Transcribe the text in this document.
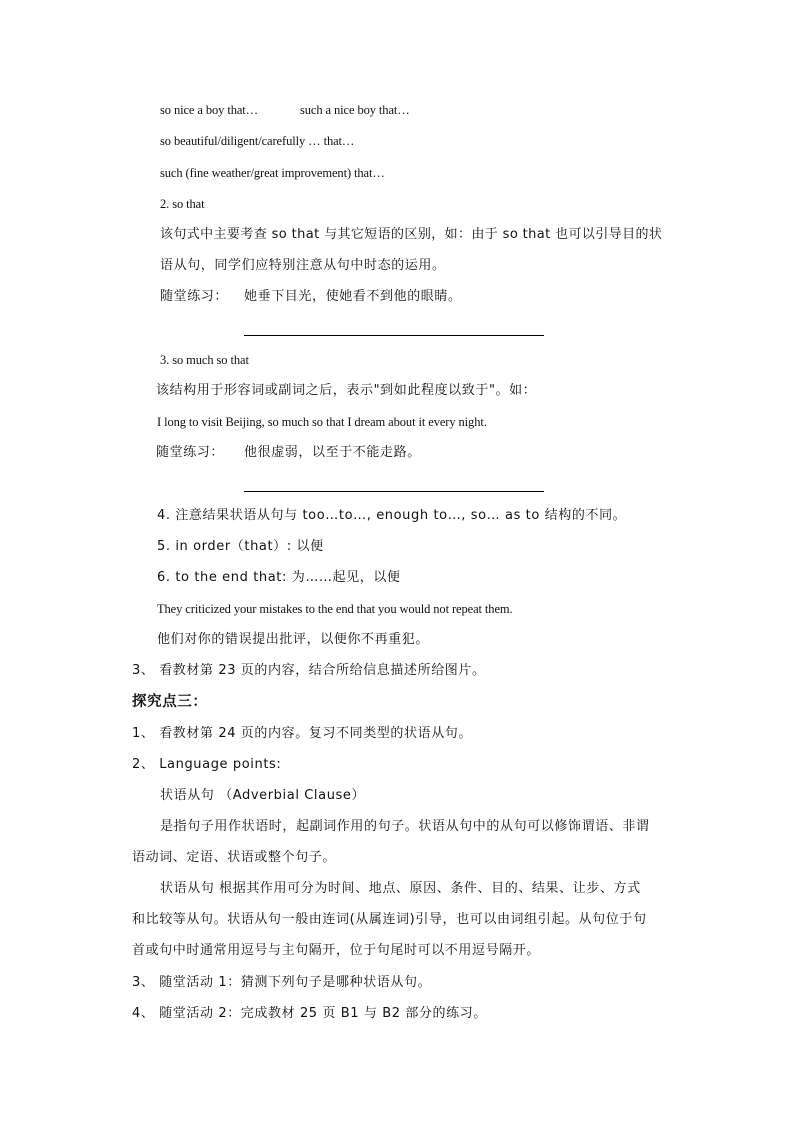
so nice a boy that…	such a nice boy that…
so beautiful/diligent/carefully … that…
such (fine weather/great improvement) that…
2. so that
该句式中主要考查 so that 与其它短语的区别，如：由于 so that 也可以引导目的状
语从句，同学们应特别注意从句中时态的运用。
随堂练习： 她垂下目光，使她看不到他的眼睛。
3. so much so that
该结构用于形容词或副词之后，表示"到如此程度以致于"。如：
I long to visit Beijing, so much so that I dream about it every night.
随堂练习： 他很虚弱，以至于不能走路。
4. 注意结果状语从句与 too…to…, enough to…, so… as to 结构的不同。
5. in order（that）: 以便
6. to the end that: 为……起见，以便
They criticized your mistakes to the end that you would not repeat them.
他们对你的错误提出批评，以便你不再重犯。
3、 看教材第 23 页的内容，结合所给信息描述所给图片。
探究点三：
1、 看教材第 24 页的内容。复习不同类型的状语从句。
2、 Language points:
状语从句 （Adverbial Clause）
是指句子用作状语时，起副词作用的句子。状语从句中的从句可以修饰谓语、非谓
语动词、定语、状语或整个句子。
状语从句 根据其作用可分为时间、地点、原因、条件、目的、结果、让步、方式
和比较等从句。状语从句一般由连词(从属连词)引导，也可以由词组引起。从句位于句
首或句中时通常用逗号与主句隔开，位于句尾时可以不用逗号隔开。
3、 随堂活动 1：猜测下列句子是哪种状语从句。
4、 随堂活动 2：完成教材 25 页 B1 与 B2 部分的练习。
